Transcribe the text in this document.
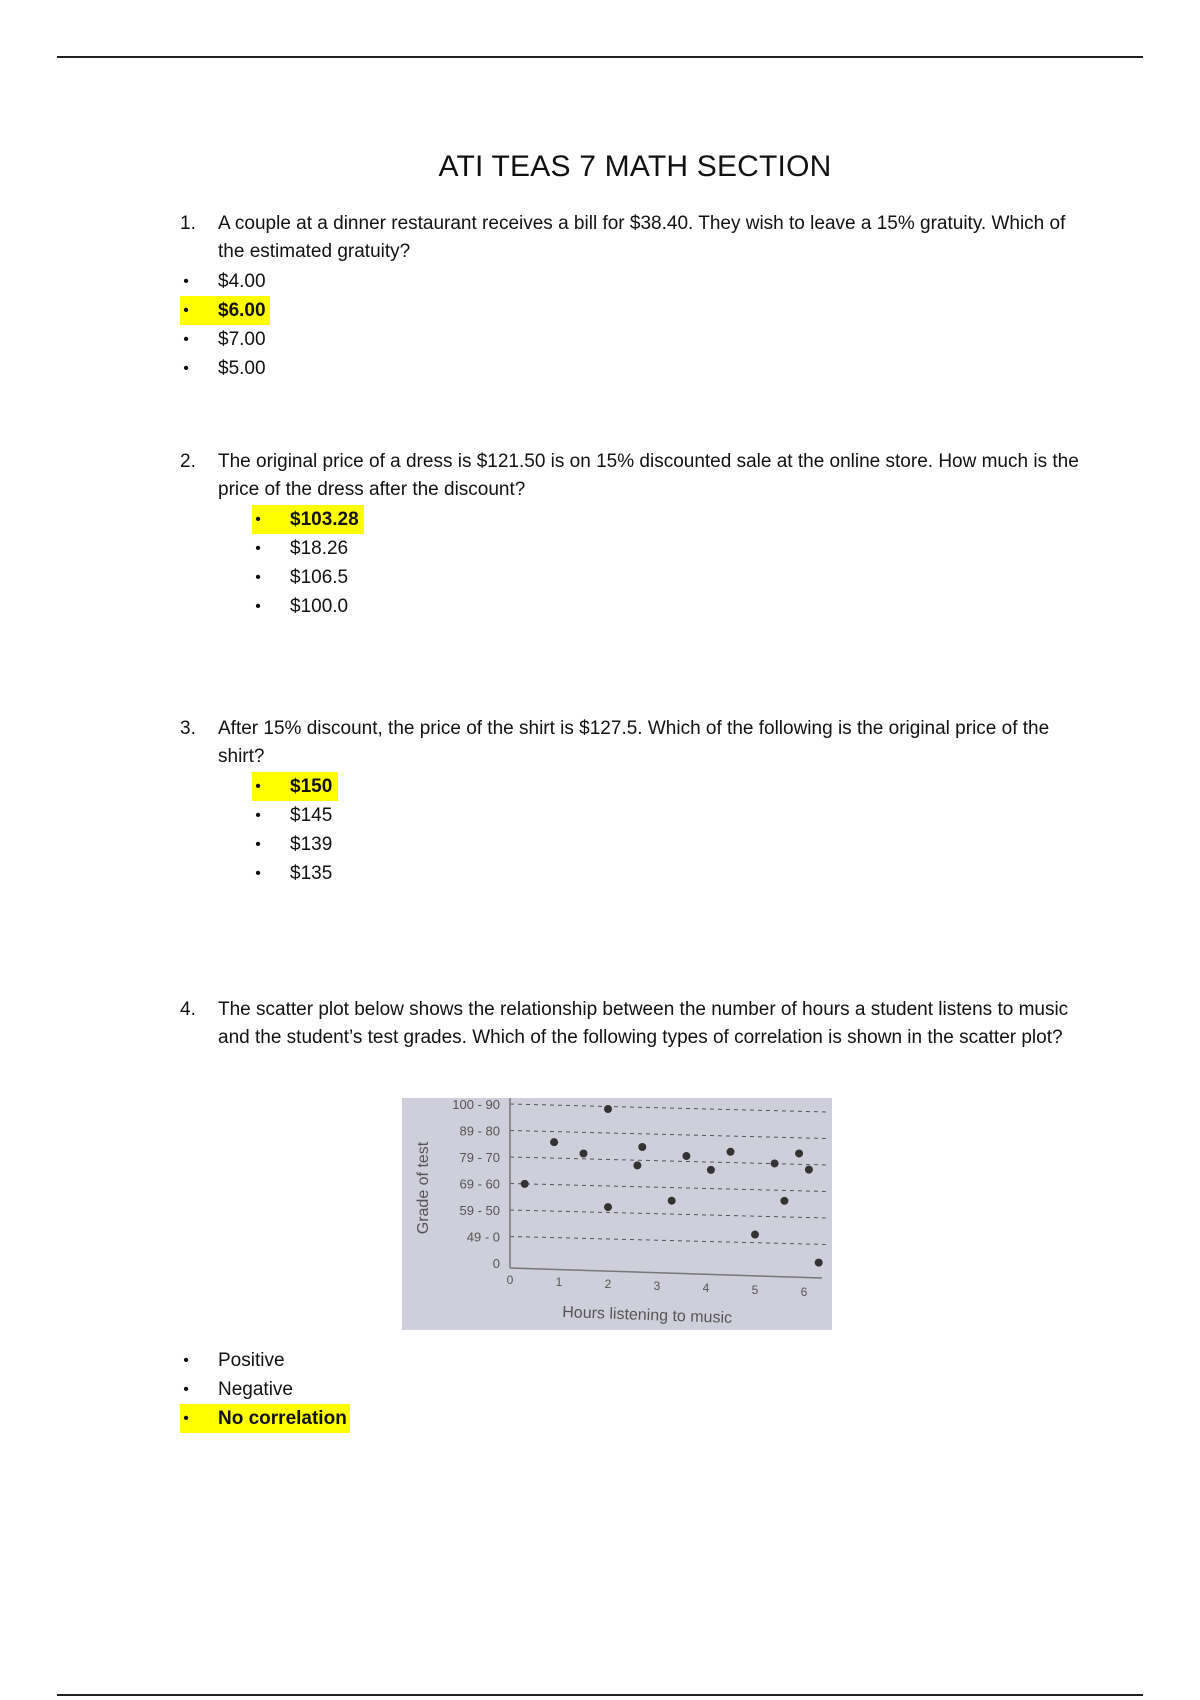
ATI TEAS 7 MATH SECTION
1. A couple at a dinner restaurant receives a bill for $38.40. They wish to leave a 15% gratuity. Which of the estimated gratuity?
• $4.00
• $6.00
• $7.00
• $5.00
2. The original price of a dress is $121.50 is on 15% discounted sale at the online store. How much is the price of the dress after the discount?
• $103.28
• $18.26
• $106.5
• $100.0
3. After 15% discount, the price of the shirt is $127.5. Which of the following is the original price of the shirt?
• $150
• $145
• $139
• $135
4. The scatter plot below shows the relationship between the number of hours a student listens to music and the student’s test grades. Which of the following types of correlation is shown in the scatter plot?
0
49 - 0
59 - 50
69 - 60
79 - 70
89 - 80
100 - 90
0	1	2	3	4	5	6
Grade of test
Hours listening to music
• Positive
• Negative
• No correlation
